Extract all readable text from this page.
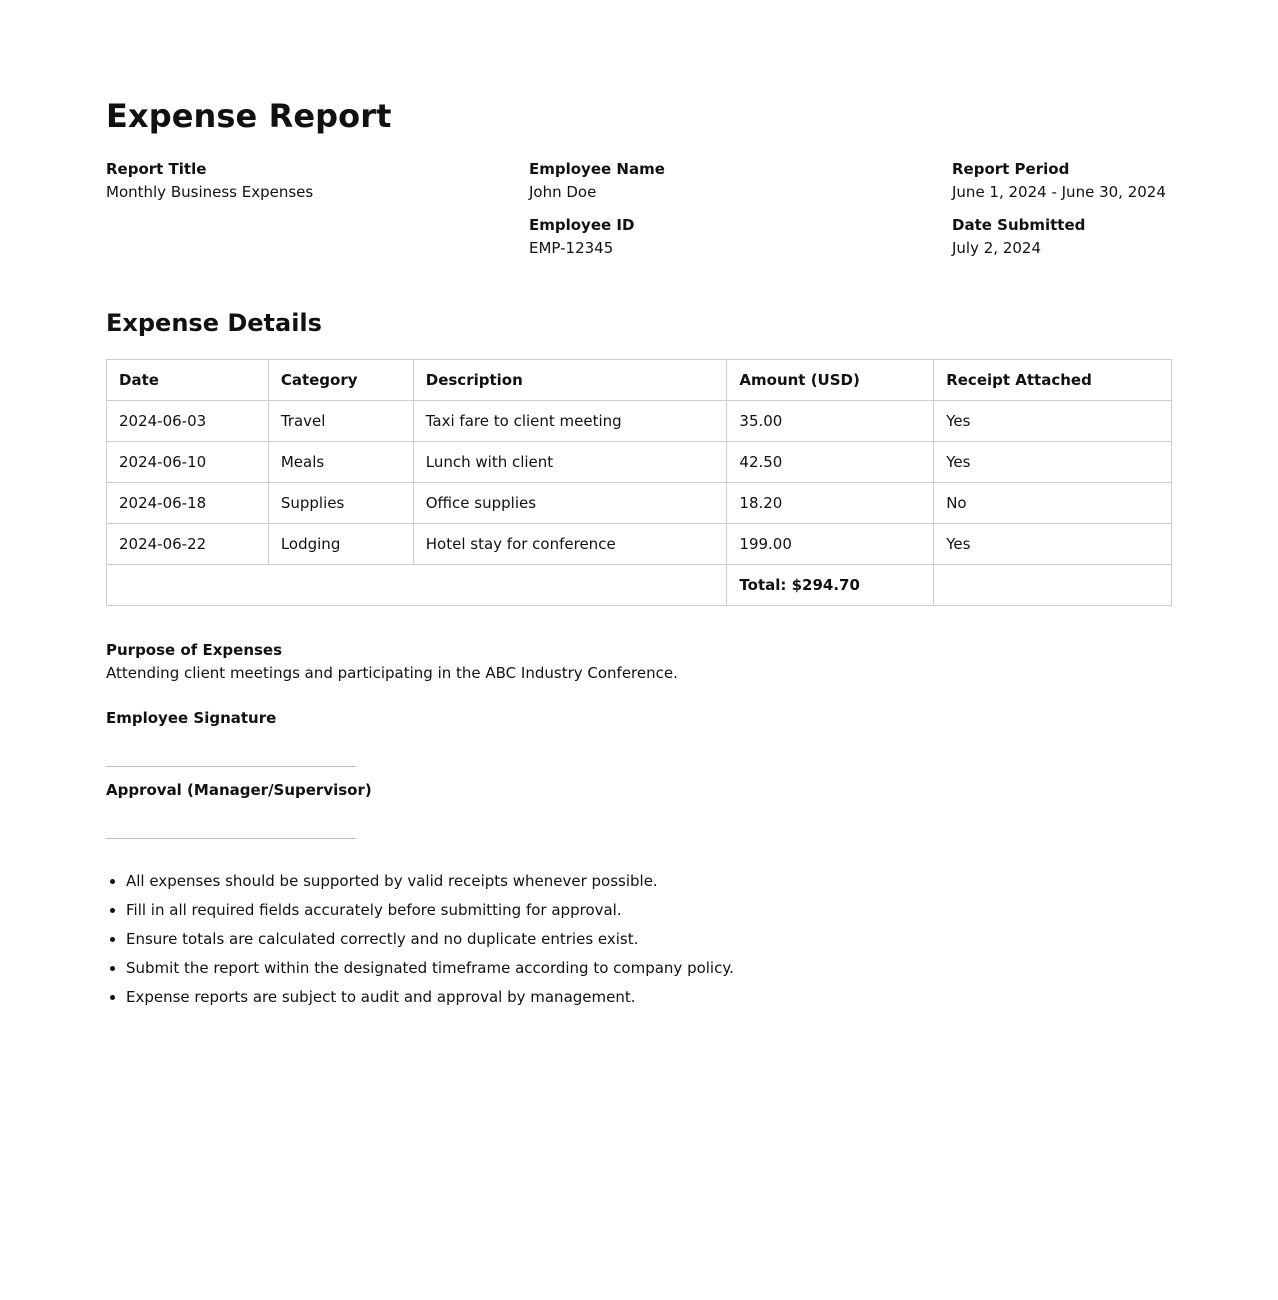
Expense Report
Report Title
Monthly Business Expenses
Employee Name
John Doe
Employee ID
EMP-12345
Report Period
June 1, 2024 - June 30, 2024
Date Submitted
July 2, 2024
Expense Details
Date	Category	Description	Amount (USD)	Receipt Attached
2024-06-03	Travel	Taxi fare to client meeting	35.00	Yes
2024-06-10	Meals	Lunch with client	42.50	Yes
2024-06-18	Supplies	Office supplies	18.20	No
2024-06-22	Lodging	Hotel stay for conference	199.00	Yes
			Total: $294.70	
Purpose of Expenses
Attending client meetings and participating in the ABC Industry Conference.
Employee Signature
Approval (Manager/Supervisor)
• All expenses should be supported by valid receipts whenever possible.
• Fill in all required fields accurately before submitting for approval.
• Ensure totals are calculated correctly and no duplicate entries exist.
• Submit the report within the designated timeframe according to company policy.
• Expense reports are subject to audit and approval by management.
